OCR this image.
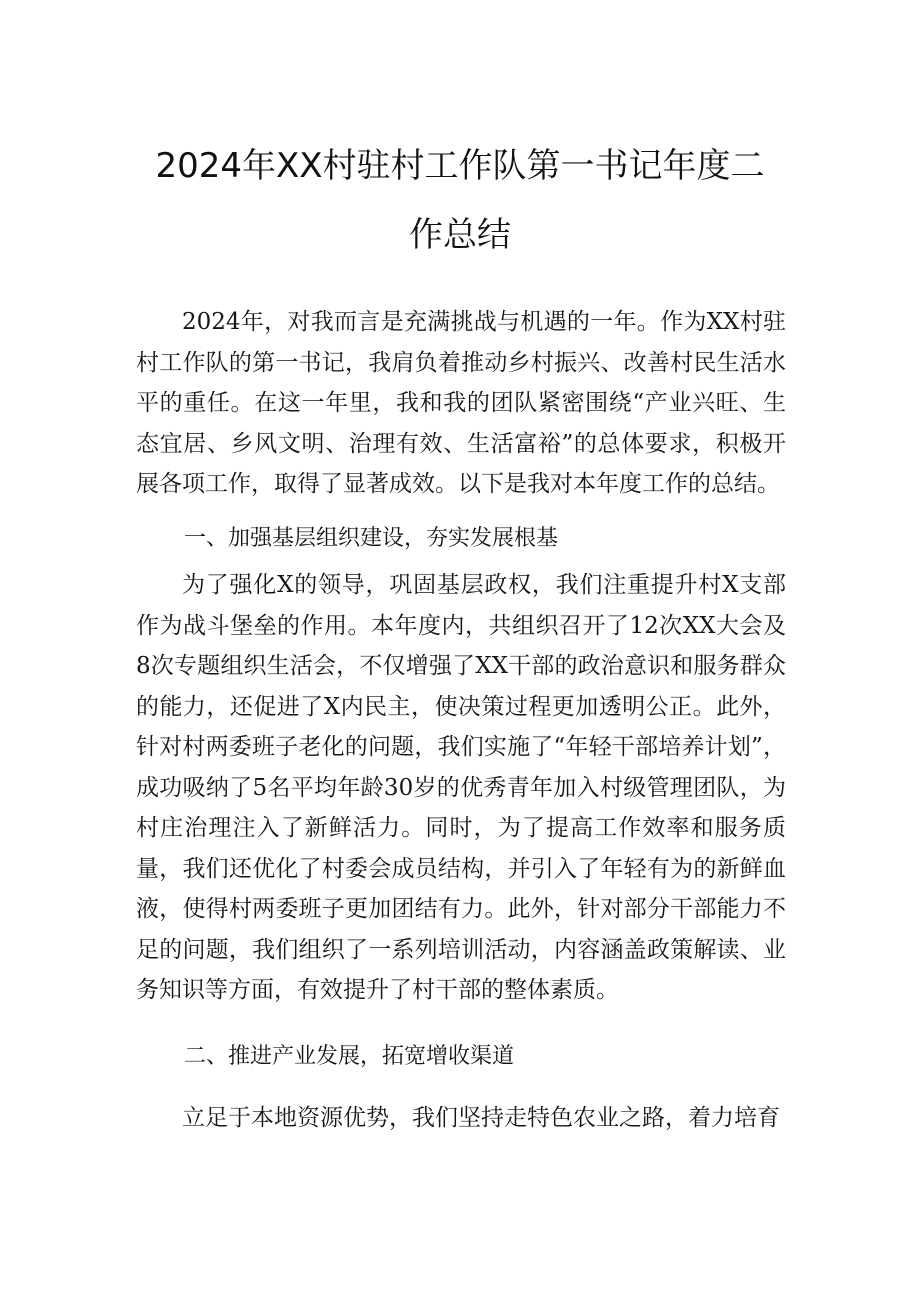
2024年XX村驻村工作队第一书记年度二
作总结
2024年，对我而言是充满挑战与机遇的一年。作为XX村驻村工作队的第一书记，我肩负着推动乡村振兴、改善村民生活水平的重任。在这一年里，我和我的团队紧密围绕“产业兴旺、生态宜居、乡风文明、治理有效、生活富裕”的总体要求，积极开展各项工作，取得了显著成效。以下是我对本年度工作的总结。
一、加强基层组织建设，夯实发展根基
为了强化X的领导，巩固基层政权，我们注重提升村X支部作为战斗堡垒的作用。本年度内，共组织召开了12次XX大会及8次专题组织生活会，不仅增强了XX干部的政治意识和服务群众的能力，还促进了X内民主，使决策过程更加透明公正。此外，针对村两委班子老化的问题，我们实施了“年轻干部培养计划”，成功吸纳了5名平均年龄30岁的优秀青年加入村级管理团队，为村庄治理注入了新鲜活力。同时，为了提高工作效率和服务质量，我们还优化了村委会成员结构，并引入了年轻有为的新鲜血液，使得村两委班子更加团结有力。此外，针对部分干部能力不足的问题，我们组织了一系列培训活动，内容涵盖政策解读、业务知识等方面，有效提升了村干部的整体素质。
二、推进产业发展，拓宽增收渠道
立足于本地资源优势，我们坚持走特色农业之路，着力培育
